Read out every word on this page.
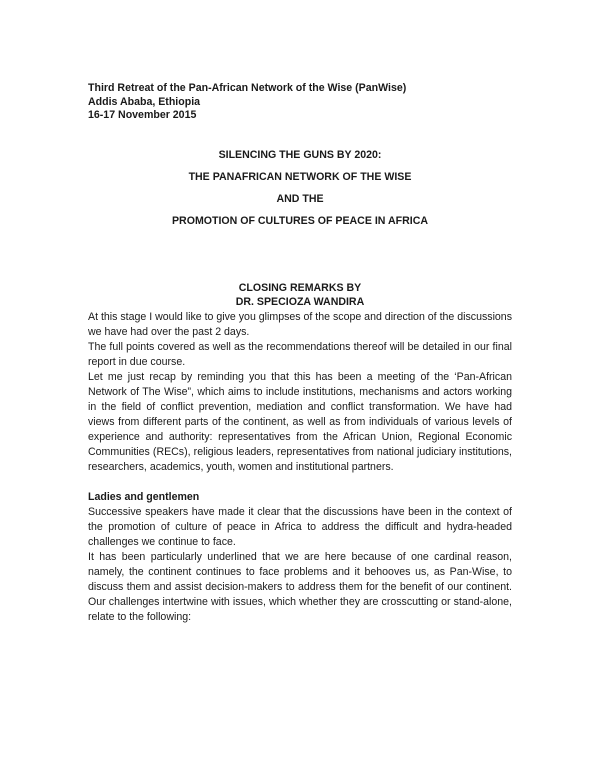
Third Retreat of the Pan-African Network of the Wise (PanWise)
Addis Ababa, Ethiopia
16-17 November 2015
SILENCING THE GUNS BY 2020:
THE PANAFRICAN NETWORK OF THE WISE
AND THE
PROMOTION OF CULTURES OF PEACE IN AFRICA
CLOSING REMARKS BY
DR. SPECIOZA WANDIRA

At this stage I would like to give you glimpses of the scope and direction of the discussions we have had over the past 2 days.

The full points covered as well as the recommendations thereof will be detailed in our final report in due course.

Let me just recap by reminding you that this has been a meeting of the ‘Pan-African Network of The Wise”, which aims to include institutions, mechanisms and actors working in the field of conflict prevention, mediation and conflict transformation. We have had views from different parts of the continent, as well as from individuals of various levels of experience and authority: representatives from the African Union, Regional Economic Communities (RECs), religious leaders, representatives from national judiciary institutions, researchers, academics, youth, women and institutional partners.

Ladies and gentlemen

Successive speakers have made it clear that the discussions have been in the context of the promotion of culture of peace in Africa to address the difficult and hydra-headed challenges we continue to face.

It has been particularly underlined that we are here because of one cardinal reason, namely, the continent continues to face problems and it behooves us, as Pan-Wise, to discuss them and assist decision-makers to address them for the benefit of our continent. Our challenges intertwine with issues, which whether they are crosscutting or stand-alone, relate to the following:
